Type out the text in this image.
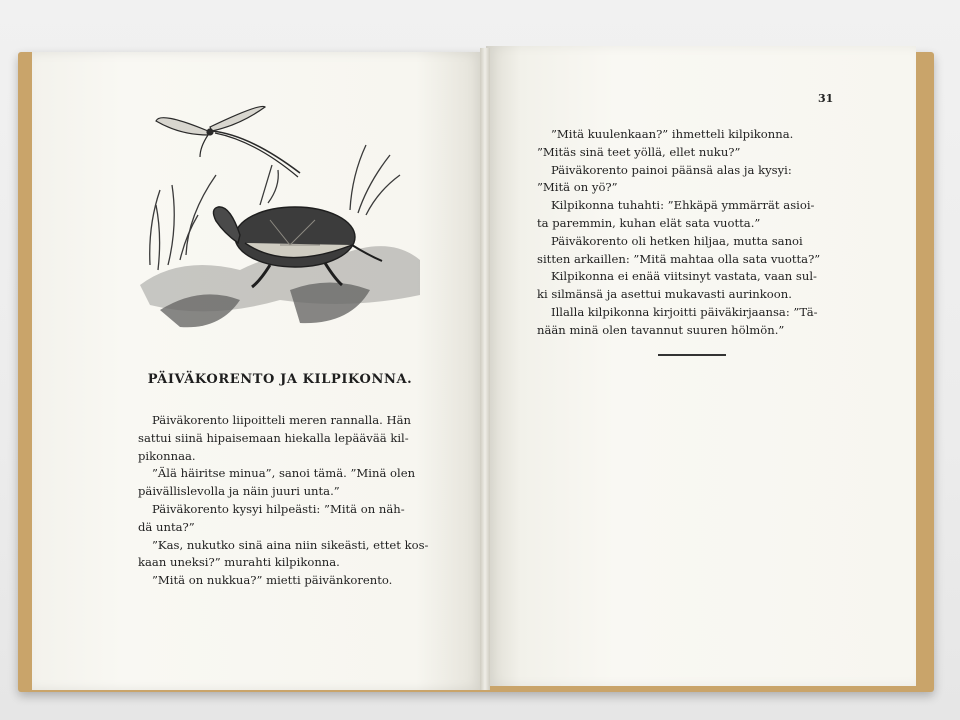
PÄIVÄKORENTO JA KILPIKONNA.

Päiväkorento liipoitteli meren rannalla. Hän

sattui siinä hipaisemaan hiekalla lepäävää kil-

pikonnaa.

”Älä häiritse minua”, sanoi tämä. ”Minä olen

päivällislevolla ja näin juuri unta.”

Päiväkorento kysyi hilpeästi: ”Mitä on näh-

dä unta?”

”Kas, nukutko sinä aina niin sikeästi, ettet kos-

kaan uneksi?” murahti kilpikonna.

”Mitä on nukkua?” mietti päivänkorento.

31

”Mitä kuulenkaan?” ihmetteli kilpikonna.

”Mitäs sinä teet yöllä, ellet nuku?”

Päiväkorento painoi päänsä alas ja kysyi:

”Mitä on yö?”

Kilpikonna tuhahti: ”Ehkäpä ymmärrät asioi-

ta paremmin, kuhan elät sata vuotta.”

Päiväkorento oli hetken hiljaa, mutta sanoi

sitten arkaillen: ”Mitä mahtaa olla sata vuotta?”

Kilpikonna ei enää viitsinyt vastata, vaan sul-

ki silmänsä ja asettui mukavasti aurinkoon.

Illalla kilpikonna kirjoitti päiväkirjaansa: ”Tä-

nään minä olen tavannut suuren hölmön.”
